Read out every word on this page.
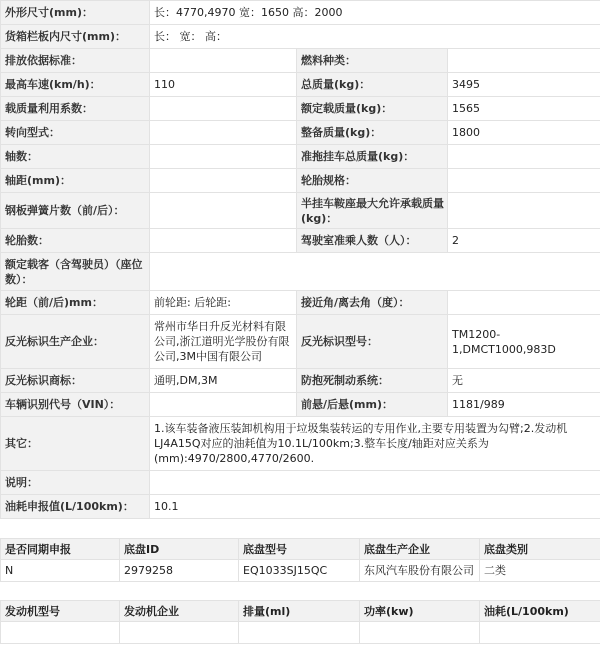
外形尺寸(mm)：	长：4770,4970 宽：1650 高：2000		
货箱栏板内尺寸(mm)：	长： 宽： 高：		
排放依据标准：		燃料种类：	
最高车速(km/h)：	110	总质量(kg)：	3495
载质量利用系数：		额定载质量(kg)：	1565
转向型式：		整备质量(kg)：	1800
轴数：		准拖挂车总质量(kg)：	
轴距(mm)：		轮胎规格：	
钢板弹簧片数（前/后）：		半挂车鞍座最大允许承载质量(kg)：	
轮胎数：		驾驶室准乘人数（人）：	2
额定载客（含驾驶员）（座位数）：			
轮距（前/后)mm：	前轮距: 后轮距:	接近角/离去角（度）：	
反光标识生产企业：	常州市华日升反光材料有限公司,浙江道明光学股份有限公司,3M中国有限公司	反光标识型号：	TM1200-1,DMCT1000,983D
反光标识商标：	通明,DM,3M	防抱死制动系统：	无
车辆识别代号（VIN）：		前悬/后悬(mm)：	1181/989
其它：	1.该车装备液压装卸机构用于垃圾集装转运的专用作业,主要专用装置为勾臂;2.发动机LJ4A15Q对应的油耗值为10.1L/100km;3.整车长度/轴距对应关系为(mm):4970/2800,4770/2600.		
说明：			
油耗申报值(L/100km)：	10.1		
是否同期申报	底盘ID	底盘型号	底盘生产企业	底盘类别
N	2979258	EQ1033SJ15QC	东风汽车股份有限公司	二类
发动机型号	发动机企业	排量(ml)	功率(kw)	油耗(L/100km)
